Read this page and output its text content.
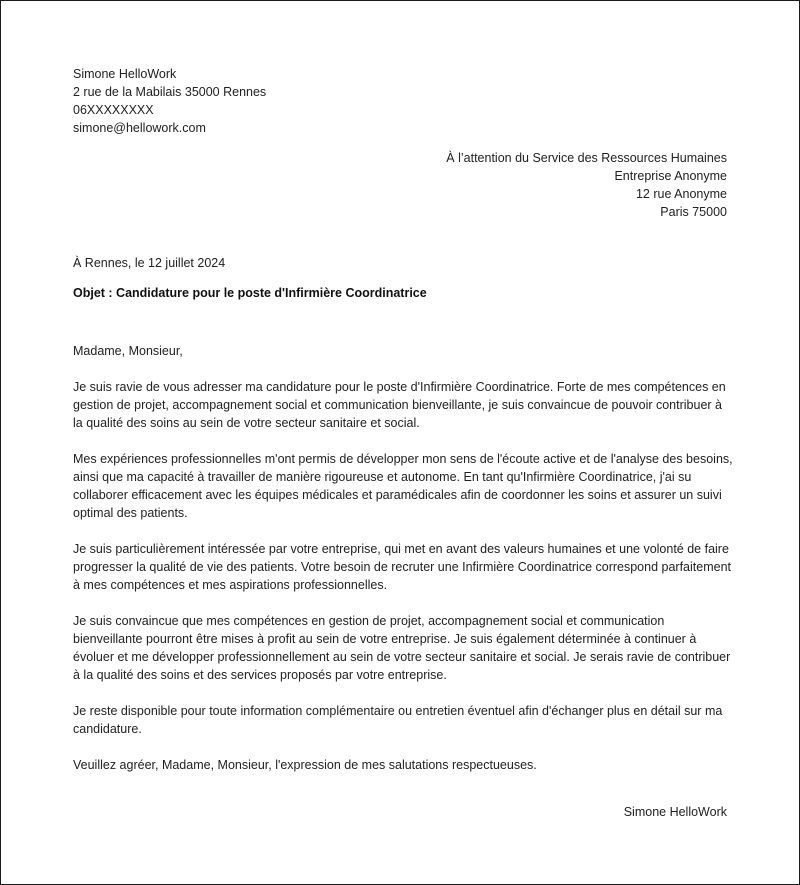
Simone HelloWork
2 rue de la Mabilais 35000 Rennes
06XXXXXXXX
simone@hellowork.com
À l’attention du Service des Ressources Humaines
Entreprise Anonyme
12 rue Anonyme
Paris 75000
À Rennes, le 12 juillet 2024
Objet : Candidature pour le poste d'Infirmière Coordinatrice

Madame, Monsieur,

Je suis ravie de vous adresser ma candidature pour le poste d'Infirmière Coordinatrice. Forte de mes compétences en gestion de projet, accompagnement social et communication bienveillante, je suis convaincue de pouvoir contribuer à la qualité des soins au sein de votre secteur sanitaire et social.

Mes expériences professionnelles m'ont permis de développer mon sens de l'écoute active et de l'analyse des besoins, ainsi que ma capacité à travailler de manière rigoureuse et autonome. En tant qu'Infirmière Coordinatrice, j'ai su collaborer efficacement avec les équipes médicales et paramédicales afin de coordonner les soins et assurer un suivi optimal des patients.

Je suis particulièrement intéressée par votre entreprise, qui met en avant des valeurs humaines et une volonté de faire progresser la qualité de vie des patients. Votre besoin de recruter une Infirmière Coordinatrice correspond parfaitement à mes compétences et mes aspirations professionnelles.

Je suis convaincue que mes compétences en gestion de projet, accompagnement social et communication bienveillante pourront être mises à profit au sein de votre entreprise. Je suis également déterminée à continuer à évoluer et me développer professionnellement au sein de votre secteur sanitaire et social. Je serais ravie de contribuer à la qualité des soins et des services proposés par votre entreprise.

Je reste disponible pour toute information complémentaire ou entretien éventuel afin d'échanger plus en détail sur ma candidature.

Veuillez agréer, Madame, Monsieur, l'expression de mes salutations respectueuses.

Simone HelloWork
